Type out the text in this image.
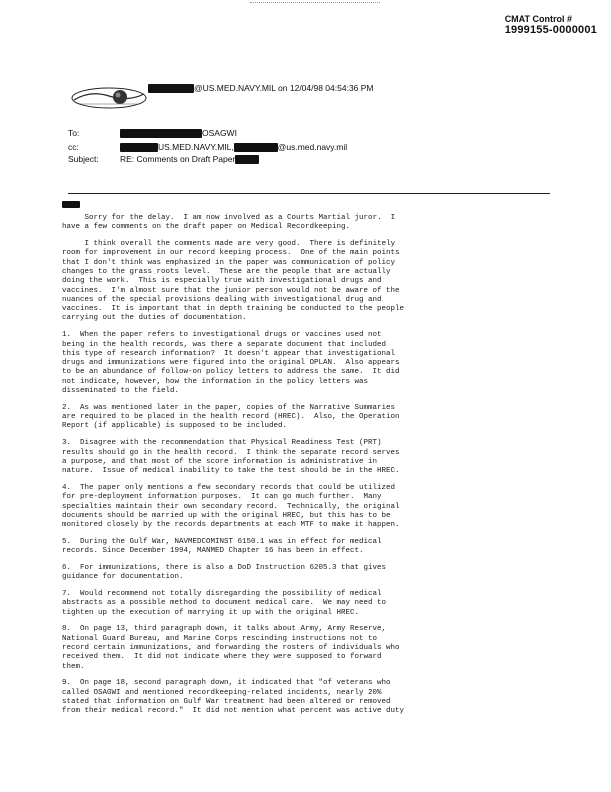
CMAT Control #
1999155-0000001
@US.MED.NAVY.MIL on 12/04/98 04:54:36 PM
To:	OSAGWI
cc:	US.MED.NAVY.MIL,	@us.med.navy.mil
Subject:	RE: Comments on Draft Paper

Sorry for the delay.  I am now involved as a Courts Martial juror.  I
have a few comments on the draft paper on Medical Recordkeeping.

I think overall the comments made are very good.  There is definitely
room for improvement in our record keeping process.  One of the main points
that I don't think was emphasized in the paper was communication of policy
changes to the grass roots level.  These are the people that are actually
doing the work.  This is especially true with investigational drugs and
vaccines.  I'm almost sure that the junior person would not be aware of the
nuances of the special provisions dealing with investigational drug and
vaccines.  It is important that in depth training be conducted to the people
carrying out the duties of documentation.

1.  When the paper refers to investigational drugs or vaccines used not
being in the health records, was there a separate document that included
this type of research information?  It doesn't appear that investigational
drugs and immunizations were figured into the original OPLAN.  Also appears
to be an abundance of follow-on policy letters to address the same.  It did
not indicate, however, how the information in the policy letters was
disseminated to the field.

2.  As was mentioned later in the paper, copies of the Narrative Summaries
are required to be placed in the health record (HREC).  Also, the Operation
Report (if applicable) is supposed to be included.

3.  Disagree with the recommendation that Physical Readiness Test (PRT)
results should go in the health record.  I think the separate record serves
a purpose, and that most of the score information is administrative in
nature.  Issue of medical inability to take the test should be in the HREC.

4.  The paper only mentions a few secondary records that could be utilized
for pre-deployment information purposes.  It can go much further.  Many
specialties maintain their own secondary record.  Technically, the original
documents should be married up with the original HREC, but this has to be
monitored closely by the records departments at each MTF to make it happen.

5.  During the Gulf War, NAVMEDCOMINST 6150.1 was in effect for medical
records. Since December 1994, MANMED Chapter 16 has been in effect.

6.  For immunizations, there is also a DoD Instruction 6205.3 that gives
guidance for documentation.

7.  Would recommend not totally disregarding the possibility of medical
abstracts as a possible method to document medical care.  We may need to
tighten up the execution of marrying it up with the original HREC.

8.  On page 13, third paragraph down, it talks about Army, Army Reserve,
National Guard Bureau, and Marine Corps rescinding instructions not to
record certain immunizations, and forwarding the rosters of individuals who
received them.  It did not indicate where they were supposed to forward
them.

9.  On page 18, second paragraph down, it indicated that "of veterans who
called OSAGWI and mentioned recordkeeping-related incidents, nearly 20%
stated that information on Gulf War treatment had been altered or removed
from their medical record."  It did not mention what percent was active duty
